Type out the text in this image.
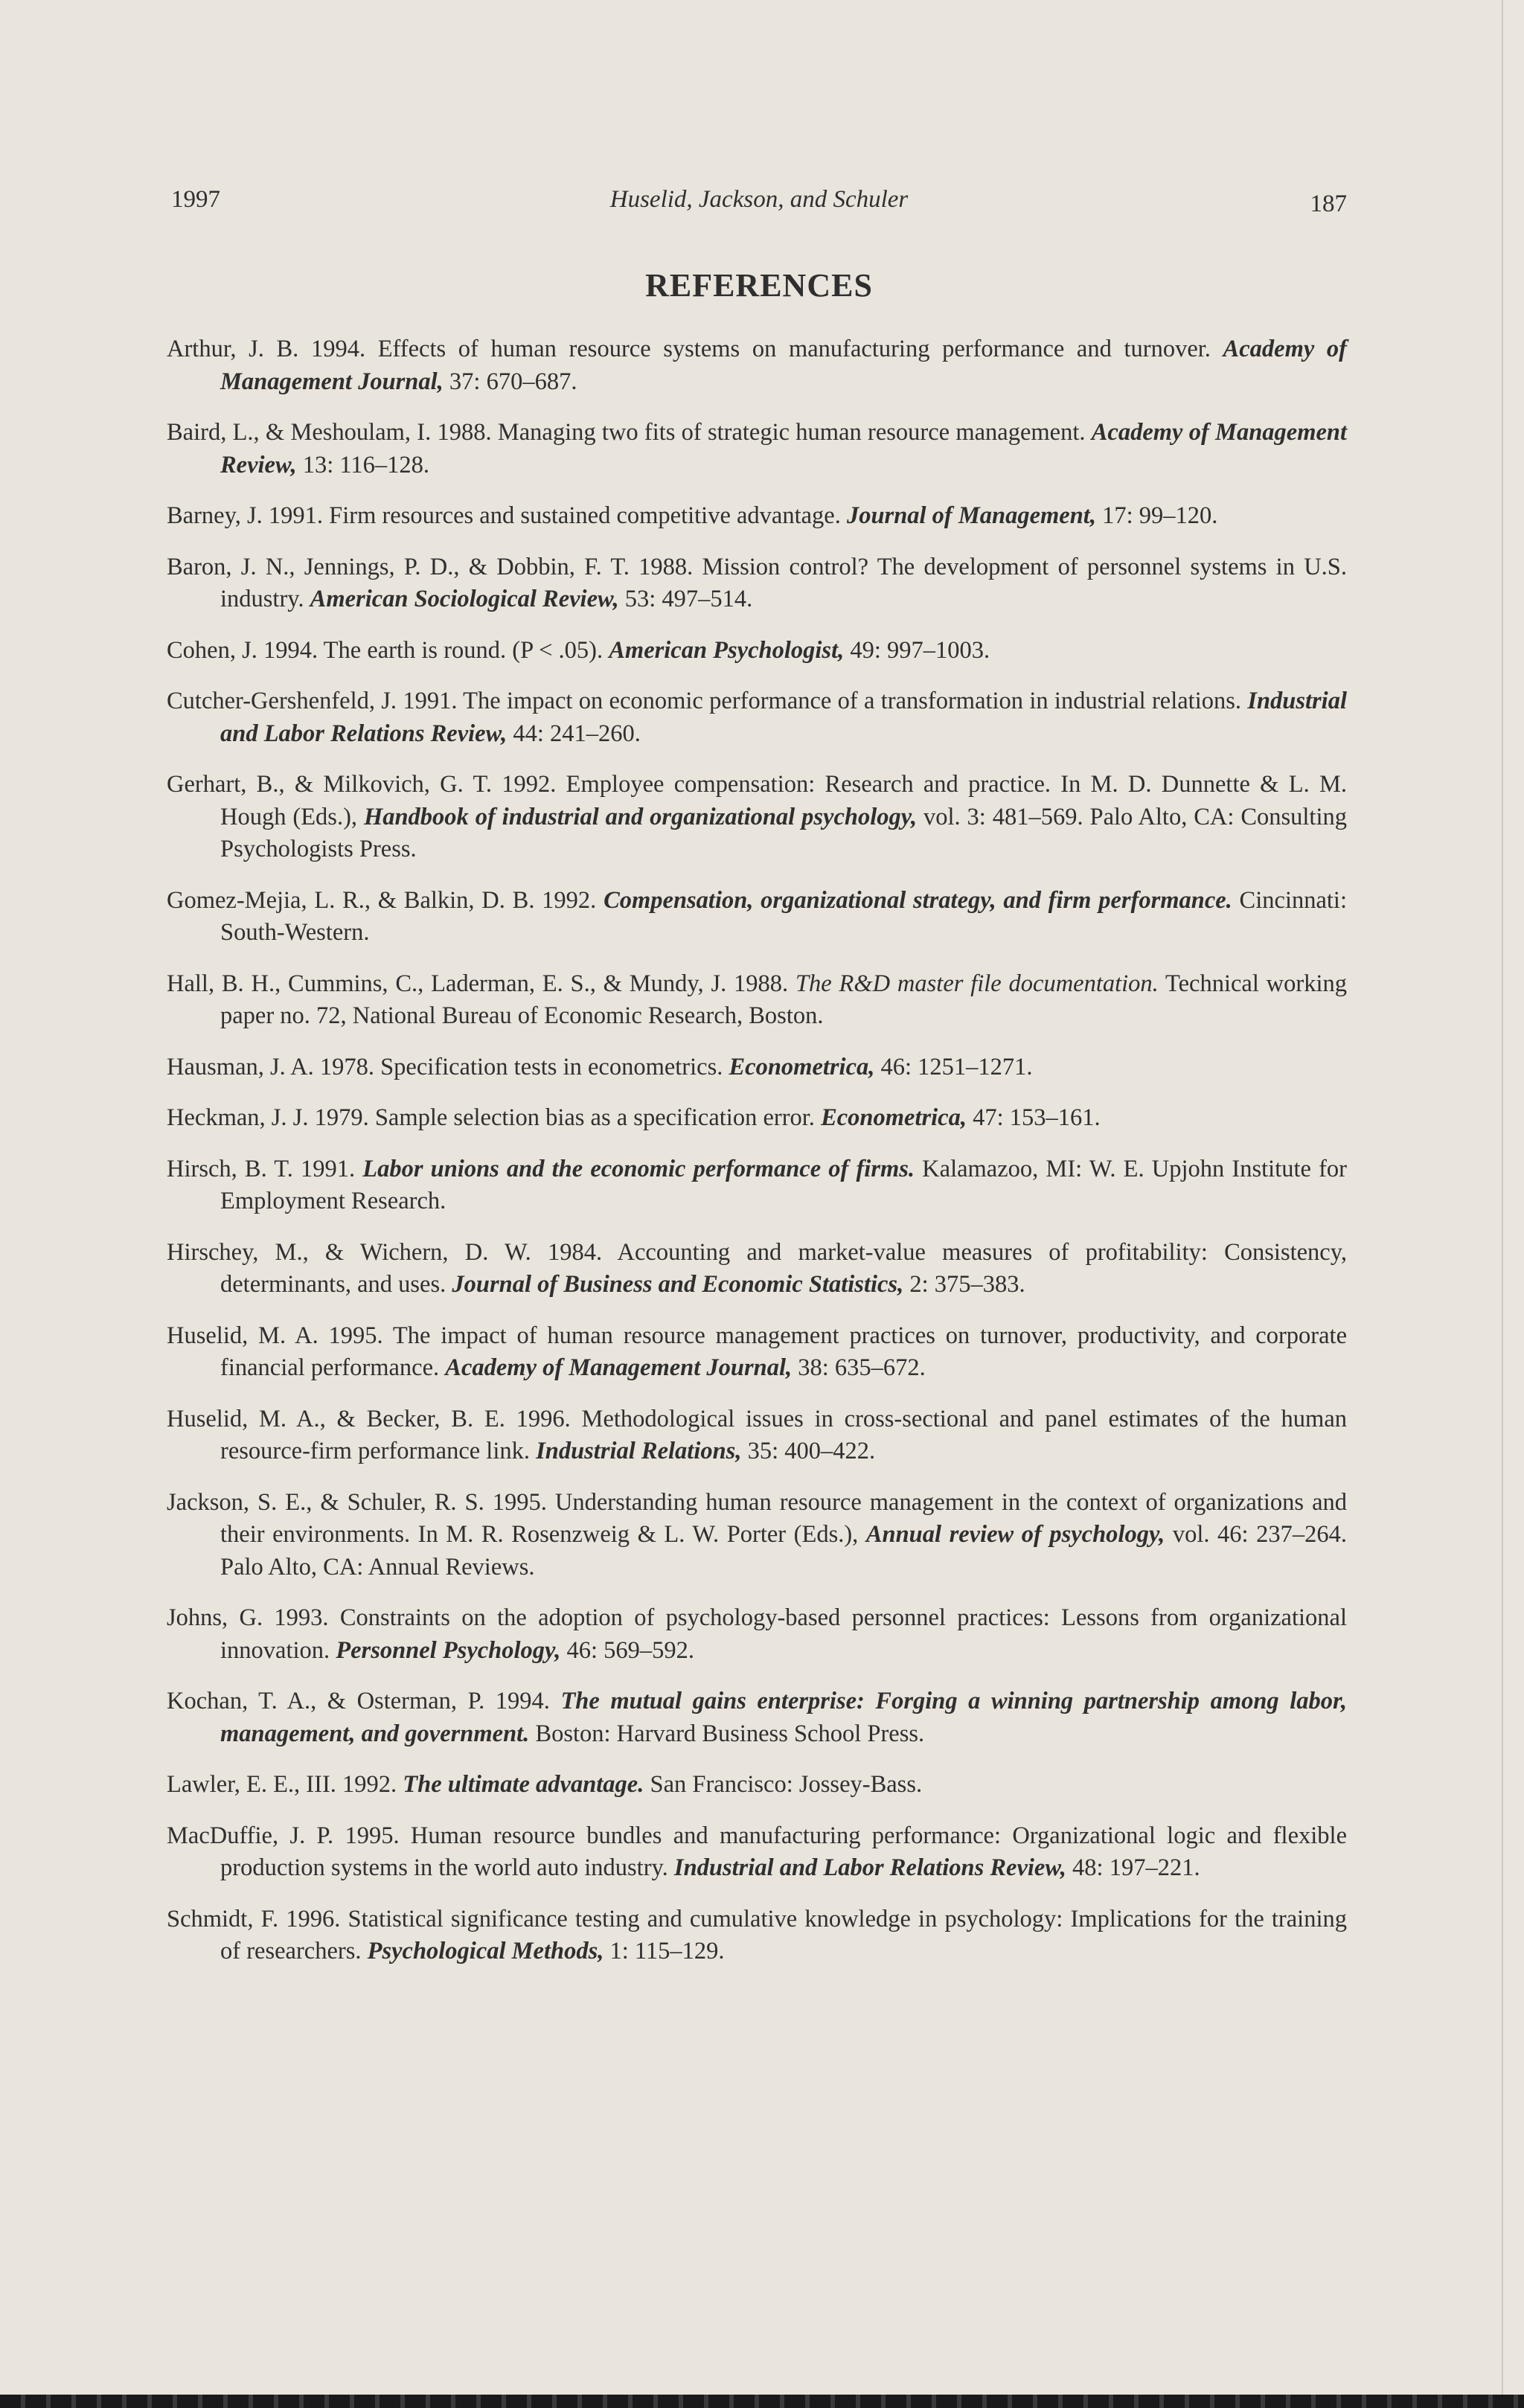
1997	Huselid, Jackson, and Schuler	187
REFERENCES
Arthur, J. B. 1994. Effects of human resource systems on manufacturing performance and turnover. Academy of Management Journal, 37: 670–687.
Baird, L., & Meshoulam, I. 1988. Managing two fits of strategic human resource management. Academy of Management Review, 13: 116–128.
Barney, J. 1991. Firm resources and sustained competitive advantage. Journal of Management, 17: 99–120.
Baron, J. N., Jennings, P. D., & Dobbin, F. T. 1988. Mission control? The development of personnel systems in U.S. industry. American Sociological Review, 53: 497–514.
Cohen, J. 1994. The earth is round. (P < .05). American Psychologist, 49: 997–1003.
Cutcher-Gershenfeld, J. 1991. The impact on economic performance of a transformation in industrial relations. Industrial and Labor Relations Review, 44: 241–260.
Gerhart, B., & Milkovich, G. T. 1992. Employee compensation: Research and practice. In M. D. Dunnette & L. M. Hough (Eds.), Handbook of industrial and organizational psychology, vol. 3: 481–569. Palo Alto, CA: Consulting Psychologists Press.
Gomez-Mejia, L. R., & Balkin, D. B. 1992. Compensation, organizational strategy, and firm performance. Cincinnati: South-Western.
Hall, B. H., Cummins, C., Laderman, E. S., & Mundy, J. 1988. The R&D master file documentation. Technical working paper no. 72, National Bureau of Economic Research, Boston.
Hausman, J. A. 1978. Specification tests in econometrics. Econometrica, 46: 1251–1271.
Heckman, J. J. 1979. Sample selection bias as a specification error. Econometrica, 47: 153–161.
Hirsch, B. T. 1991. Labor unions and the economic performance of firms. Kalamazoo, MI: W. E. Upjohn Institute for Employment Research.
Hirschey, M., & Wichern, D. W. 1984. Accounting and market-value measures of profitability: Consistency, determinants, and uses. Journal of Business and Economic Statistics, 2: 375–383.
Huselid, M. A. 1995. The impact of human resource management practices on turnover, productivity, and corporate financial performance. Academy of Management Journal, 38: 635–672.
Huselid, M. A., & Becker, B. E. 1996. Methodological issues in cross-sectional and panel estimates of the human resource-firm performance link. Industrial Relations, 35: 400–422.
Jackson, S. E., & Schuler, R. S. 1995. Understanding human resource management in the context of organizations and their environments. In M. R. Rosenzweig & L. W. Porter (Eds.), Annual review of psychology, vol. 46: 237–264. Palo Alto, CA: Annual Reviews.
Johns, G. 1993. Constraints on the adoption of psychology-based personnel practices: Lessons from organizational innovation. Personnel Psychology, 46: 569–592.
Kochan, T. A., & Osterman, P. 1994. The mutual gains enterprise: Forging a winning partnership among labor, management, and government. Boston: Harvard Business School Press.
Lawler, E. E., III. 1992. The ultimate advantage. San Francisco: Jossey-Bass.
MacDuffie, J. P. 1995. Human resource bundles and manufacturing performance: Organizational logic and flexible production systems in the world auto industry. Industrial and Labor Relations Review, 48: 197–221.
Schmidt, F. 1996. Statistical significance testing and cumulative knowledge in psychology: Implications for the training of researchers. Psychological Methods, 1: 115–129.
